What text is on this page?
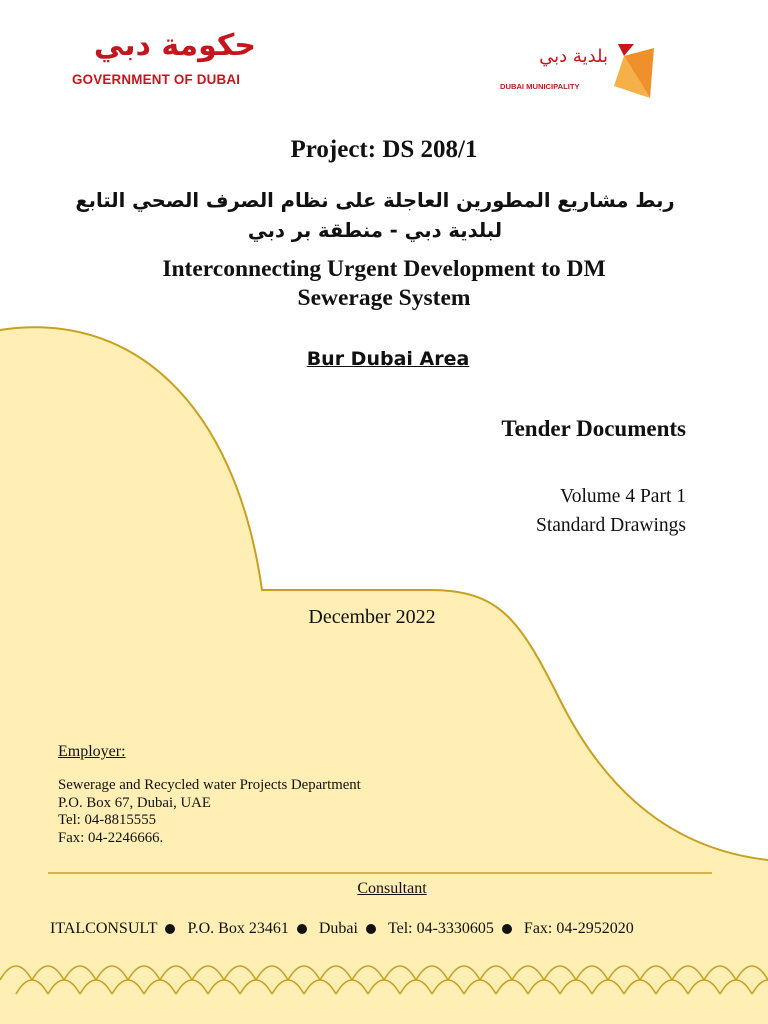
حكومة دبي
GOVERNMENT OF DUBAI
بلدية دبي
DUBAI MUNICIPALITY
Project: DS 208/1
ربط مشاريع المطورين العاجلة على نظام الصرف الصحي التابع
لبلدية دبي - منطقة بر دبي
Interconnecting Urgent Development to DM
Sewerage System
Bur Dubai Area
Tender Documents
Volume 4 Part 1
Standard Drawings
December 2022
Employer:
Sewerage and Recycled water Projects Department
P.O. Box 67, Dubai, UAE
Tel: 04-8815555
Fax: 04-2246666.
Consultant
ITALCONSULT P.O. Box 23461 Dubai Tel: 04-3330605 Fax: 04-2952020
